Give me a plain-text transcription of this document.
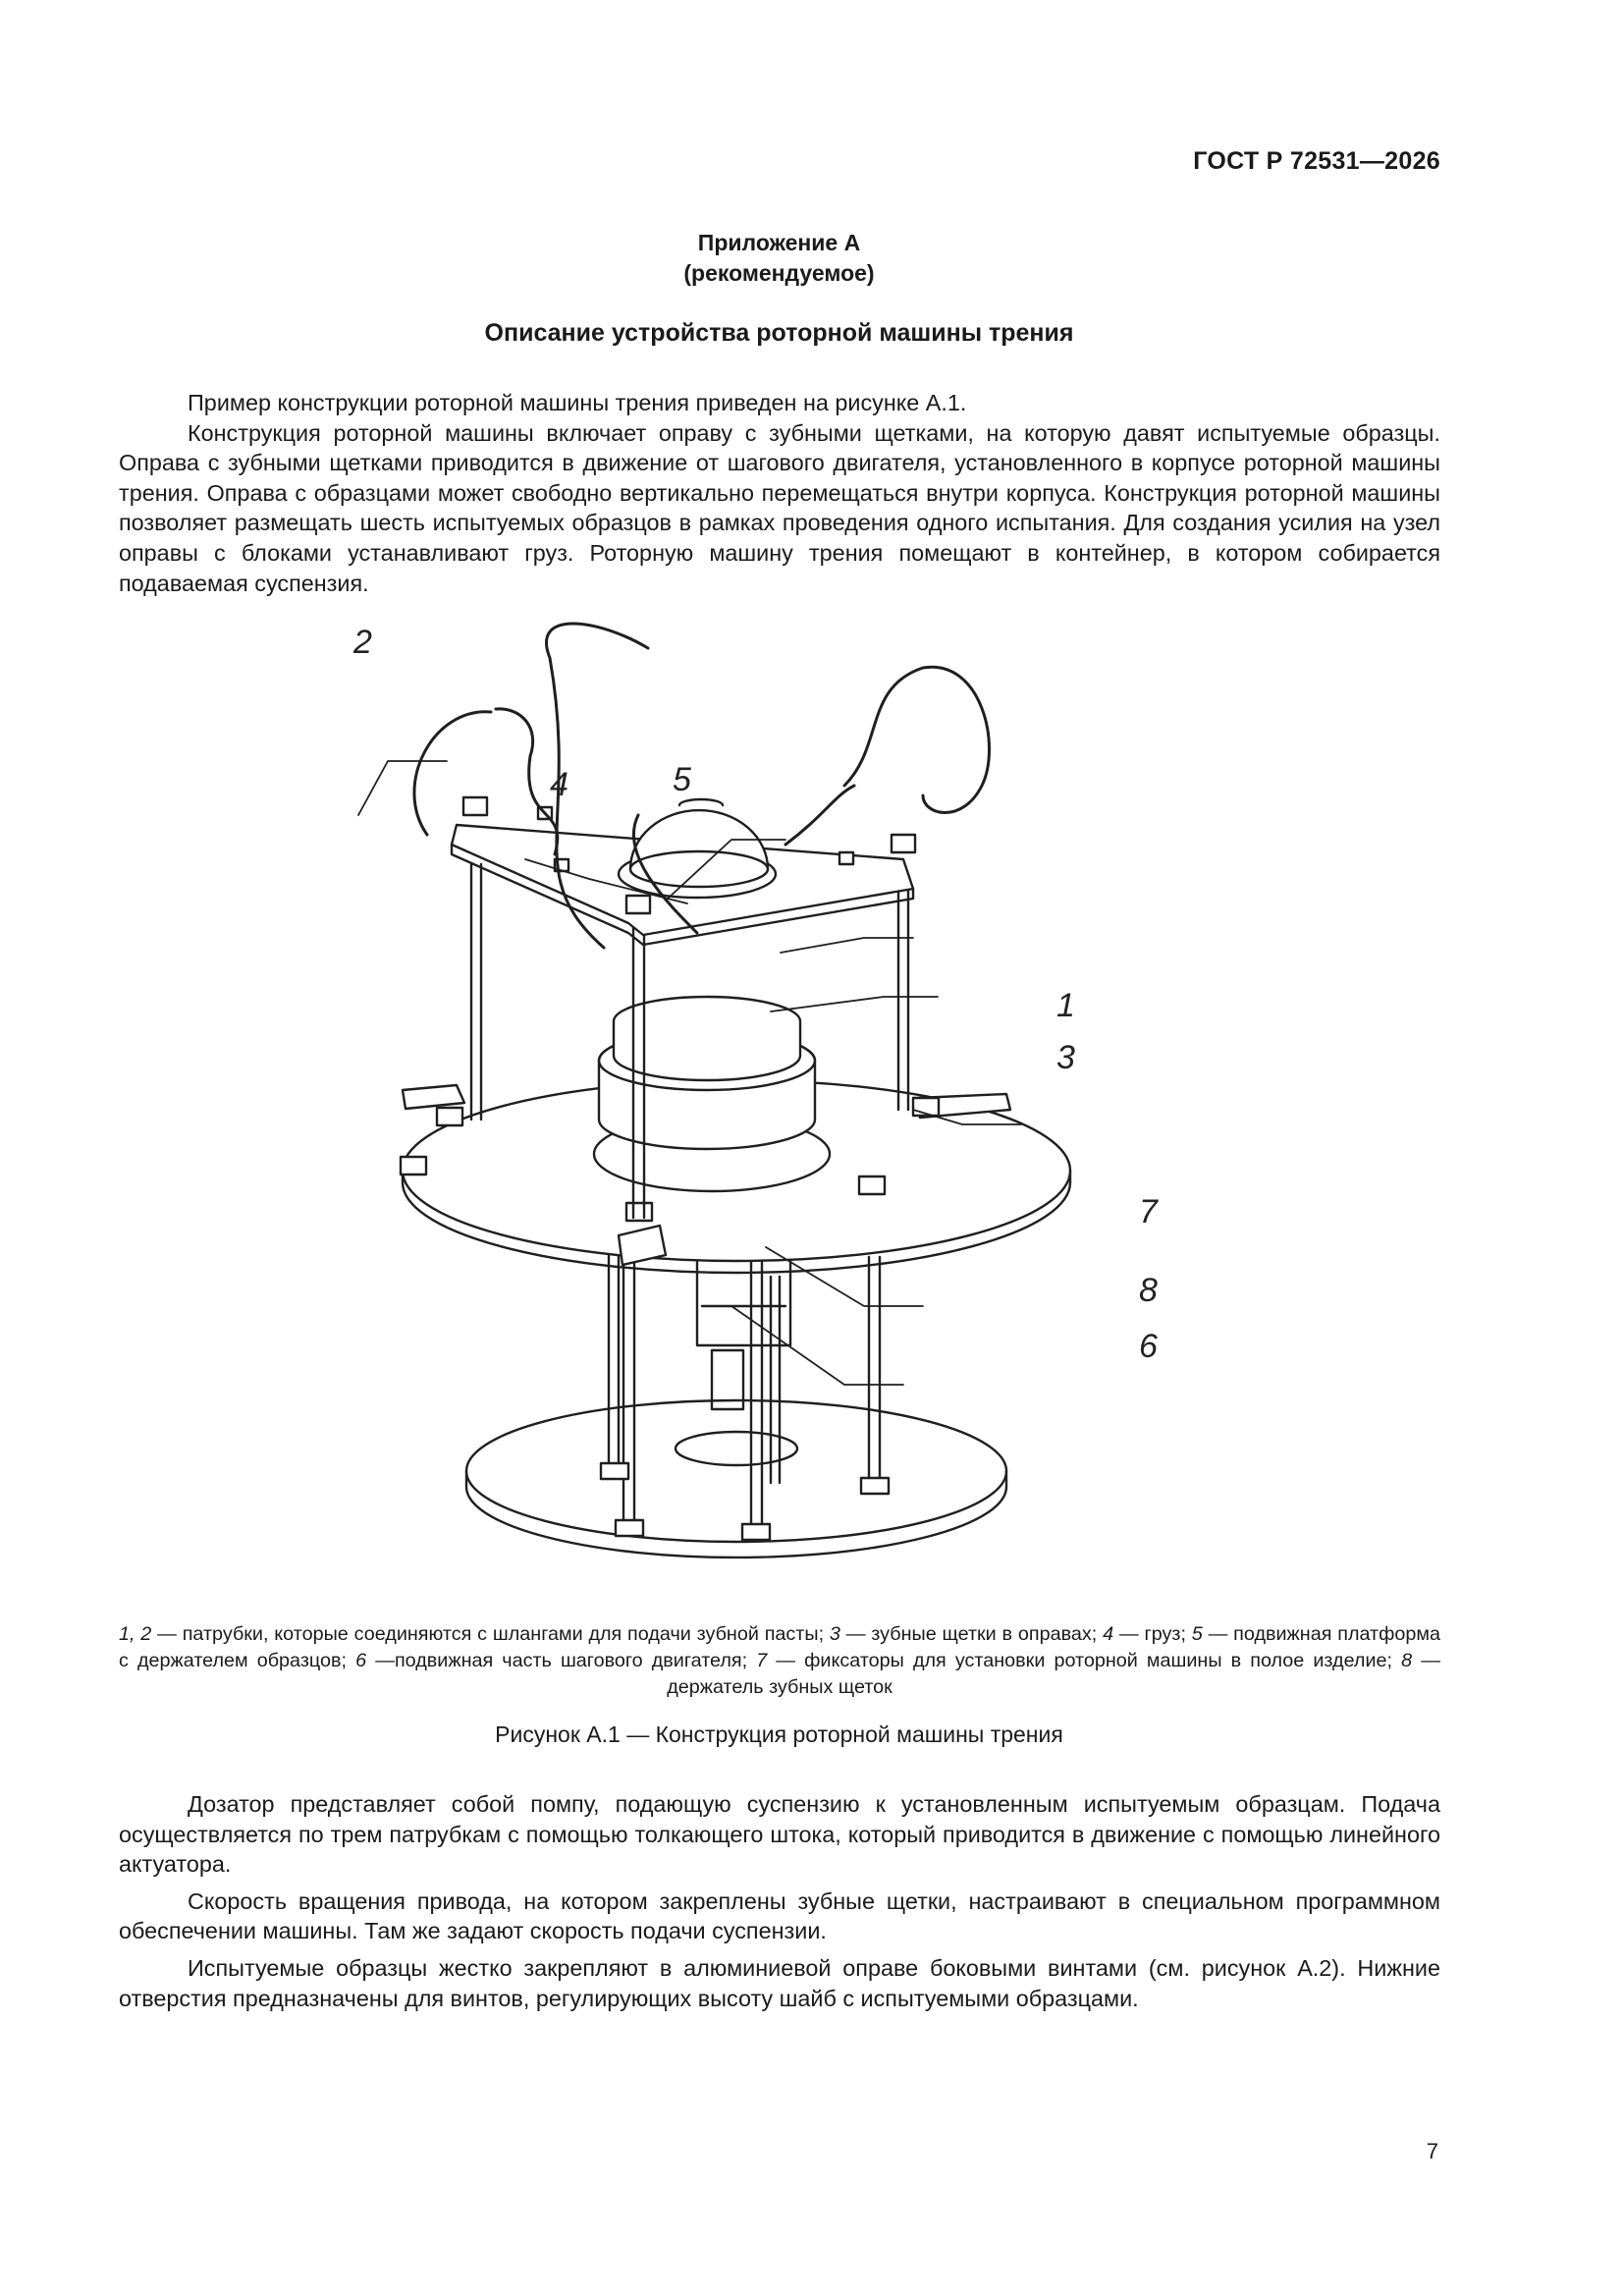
ГОСТ Р 72531—2026
Приложение А
(рекомендуемое)
Описание устройства роторной машины трения

Пример конструкции роторной машины трения приведен на рисунке А.1.

Конструкция роторной машины включает оправу с зубными щетками, на которую давят испытуемые образцы. Оправа с зубными щетками приводится в движение от шагового двигателя, установленного в корпусе роторной машины трения. Оправа с образцами может свободно вертикально перемещаться внутри корпуса. Конструкция роторной машины позволяет размещать шесть испытуемых образцов в рамках проведения одного испытания. Для создания усилия на узел оправы с блоками устанавливают груз. Роторную машину трения помещают в контейнер, в котором собирается подаваемая суспензия.

2
4	5
1
3
7
8
6
1, 2 — патрубки, которые соединяются с шлангами для подачи зубной пасты; 3 — зубные щетки в оправах; 4 — груз; 5 — подвижная платформа с держателем образцов; 6 —подвижная часть шагового двигателя; 7 — фиксаторы для установки роторной машины в полое изделие; 8 — держатель зубных щеток
Рисунок А.1 — Конструкция роторной машины трения

Дозатор представляет собой помпу, подающую суспензию к установленным испытуемым образцам. Подача осуществляется по трем патрубкам с помощью толкающего штока, который приводится в движение с помощью линейного актуатора.

Скорость вращения привода, на котором закреплены зубные щетки, настраивают в специальном программном обеспечении машины. Там же задают скорость подачи суспензии.

Испытуемые образцы жестко закрепляют в алюминиевой оправе боковыми винтами (см. рисунок А.2). Нижние отверстия предназначены для винтов, регулирующих высоту шайб с испытуемыми образцами.

7
